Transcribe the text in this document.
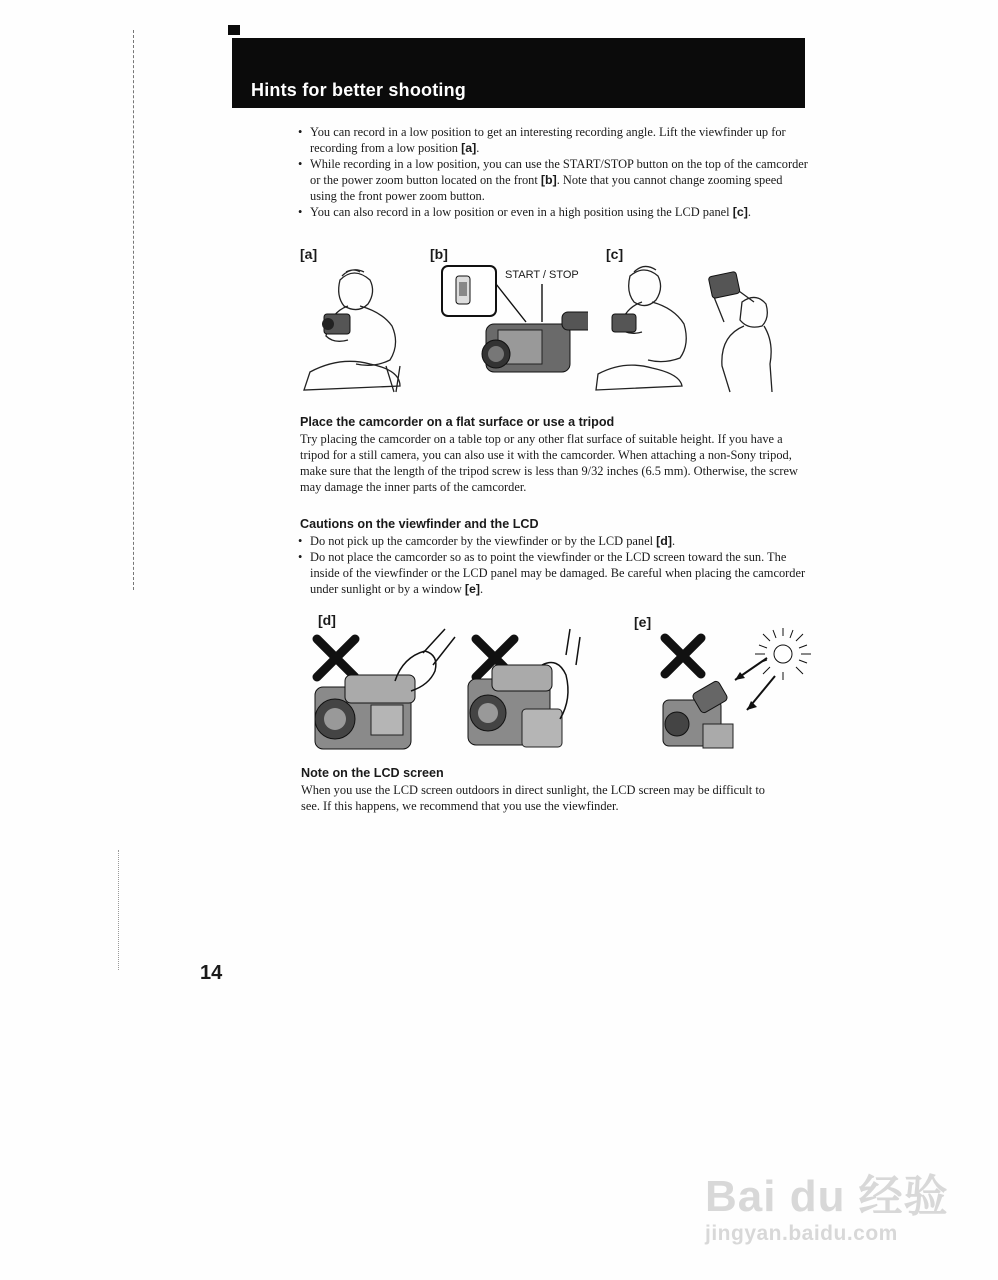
Hints for better shooting
• You can record in a low position to get an interesting recording angle. Lift the viewfinder up for recording from a low position [a].
• While recording in a low position, you can use the START/STOP button on the top of the camcorder or the power zoom button located on the front [b]. Note that you cannot change zooming speed using the front power zoom button.
• You can also record in a low position or even in a high position using the LCD panel [c].
[a]	[b]	[c]
START / STOP
Place the camcorder on a flat surface or use a tripod
Try placing the camcorder on a table top or any other flat surface of suitable height. If you have a tripod for a still camera, you can also use it with the camcorder. When attaching a non-Sony tripod, make sure that the length of the tripod screw is less than 9/32 inches (6.5 mm). Otherwise, the screw may damage the inner parts of the camcorder.
Cautions on the viewfinder and the LCD
• Do not pick up the camcorder by the viewfinder or by the LCD panel [d].
• Do not place the camcorder so as to point the viewfinder or the LCD screen toward the sun. The inside of the viewfinder or the LCD panel may be damaged. Be careful when placing the camcorder under sunlight or by a window [e].
[d]	[e]
Note on the LCD screen
When you use the LCD screen outdoors in direct sunlight, the LCD screen may be difficult to see. If this happens, we recommend that you use the viewfinder.
14
Bai du 经验
jingyan.baidu.com
